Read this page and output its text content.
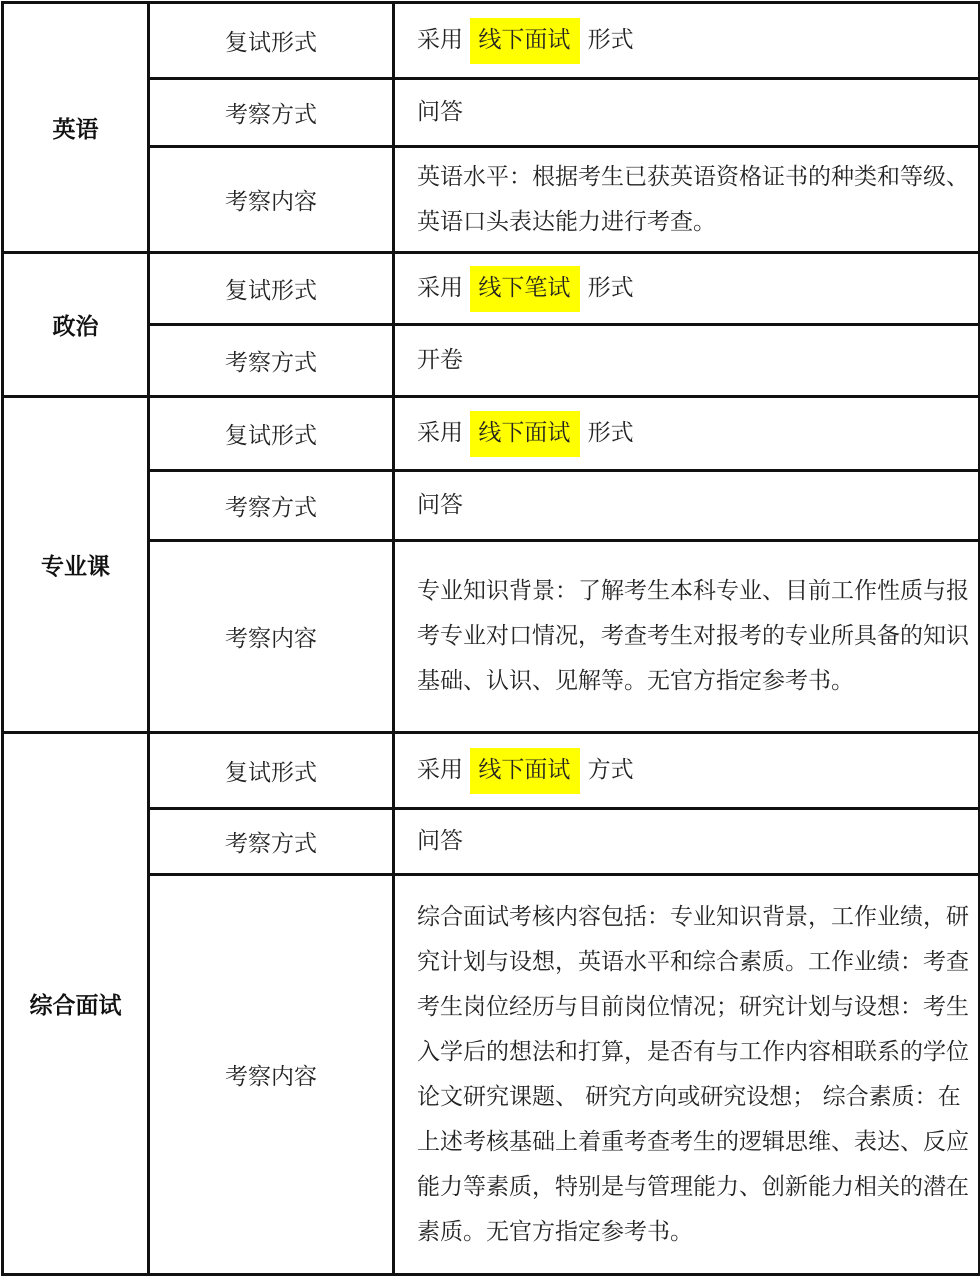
英语	复试形式	采用 线下面试 形式
	考察方式	问答
	考察内容	英语水平：根据考生已获英语资格证书的种类和等级、英语口头表达能力进行考查。
政治	复试形式	采用 线下笔试 形式
	考察方式	开卷
专业课	复试形式	采用 线下面试 形式
	考察方式	问答
	考察内容	专业知识背景：了解考生本科专业、目前工作性质与报考专业对口情况，考查考生对报考的专业所具备的知识基础、认识、见解等。无官方指定参考书。
综合面试	复试形式	采用 线下面试 方式
	考察方式	问答
	考察内容	综合面试考核内容包括：专业知识背景，工作业绩，研究计划与设想，英语水平和综合素质。工作业绩：考查考生岗位经历与目前岗位情况；研究计划与设想：考生入学后的想法和打算，是否有与工作内容相联系的学位论文研究课题、 研究方向或研究设想； 综合素质：在上述考核基础上着重考查考生的逻辑思维、表达、反应能力等素质，特别是与管理能力、创新能力相关的潜在素质。无官方指定参考书。
